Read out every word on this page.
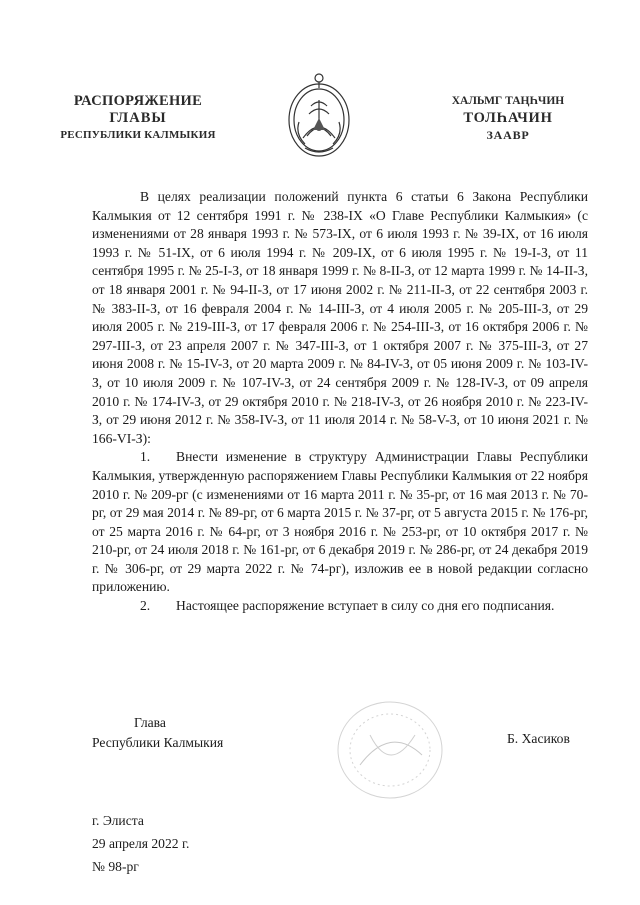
РАСПОРЯЖЕНИЕ
ГЛАВЫ
РЕСПУБЛИКИ КАЛМЫКИЯ
ХАЛЬМГ ТАҢҺЧИН
ТОЛҺАЧИН
ЗААВР

В целях реализации положений пункта 6 статьи 6 Закона Республики Калмыкия от 12 сентября 1991 г. № 238-IX «О Главе Республики Калмыкия» (с изменениями от 28 января 1993 г. № 573-IX, от 6 июля 1993 г. № 39-IX, от 16 июля 1993 г. № 51-IX, от 6 июля 1994 г. № 209-IX, от 6 июля 1995 г. № 19-I-З, от 11 сентября 1995 г. № 25-I-З, от 18 января 1999 г. № 8-II-З, от 12 марта 1999 г. № 14-II-З, от 18 января 2001 г. № 94-II-З, от 17 июня 2002 г. № 211-II-З, от 22 сентября 2003 г. № 383-II-З, от 16 февраля 2004 г. № 14-III-З, от 4 июля 2005 г. № 205-III-З, от 29 июля 2005 г. № 219-III-З, от 17 февраля 2006 г. № 254-III-З, от 16 октября 2006 г. № 297-III-З, от 23 апреля 2007 г. № 347-III-З, от 1 октября 2007 г. № 375-III-З, от 27 июня 2008 г. № 15-IV-З, от 20 марта 2009 г. № 84-IV-З, от 05 июня 2009 г. № 103-IV-З, от 10 июля 2009 г. № 107-IV-З, от 24 сентября 2009 г. № 128-IV-З, от 09 апреля 2010 г. № 174-IV-З, от 29 октября 2010 г. № 218-IV-З, от 26 ноября 2010 г. № 223-IV-З, от 29 июня 2012 г. № 358-IV-З, от 11 июля 2014 г. № 58-V-З, от 10 июня 2021 г. № 166-VI-З):

1. Внести изменение в структуру Администрации Главы Республики Калмыкия, утвержденную распоряжением Главы Республики Калмыкия от 22 ноября 2010 г. № 209-рг (с изменениями от 16 марта 2011 г. № 35-рг, от 16 мая 2013 г. № 70-рг, от 29 мая 2014 г. № 89-рг, от 6 марта 2015 г. № 37-рг, от 5 августа 2015 г. № 176-рг, от 25 марта 2016 г. № 64-рг, от 3 ноября 2016 г. № 253-рг, от 10 октября 2017 г. № 210-рг, от 24 июля 2018 г. № 161-рг, от 6 декабря 2019 г. № 286-рг, от 24 декабря 2019 г. № 306-рг, от 29 марта 2022 г. № 74-рг), изложив ее в новой редакции согласно приложению.

2. Настоящее распоряжение вступает в силу со дня его подписания.

Глава
Республики Калмыкия	Б. Хасиков
г. Элиста
29 апреля 2022 г.
№ 98-рг
